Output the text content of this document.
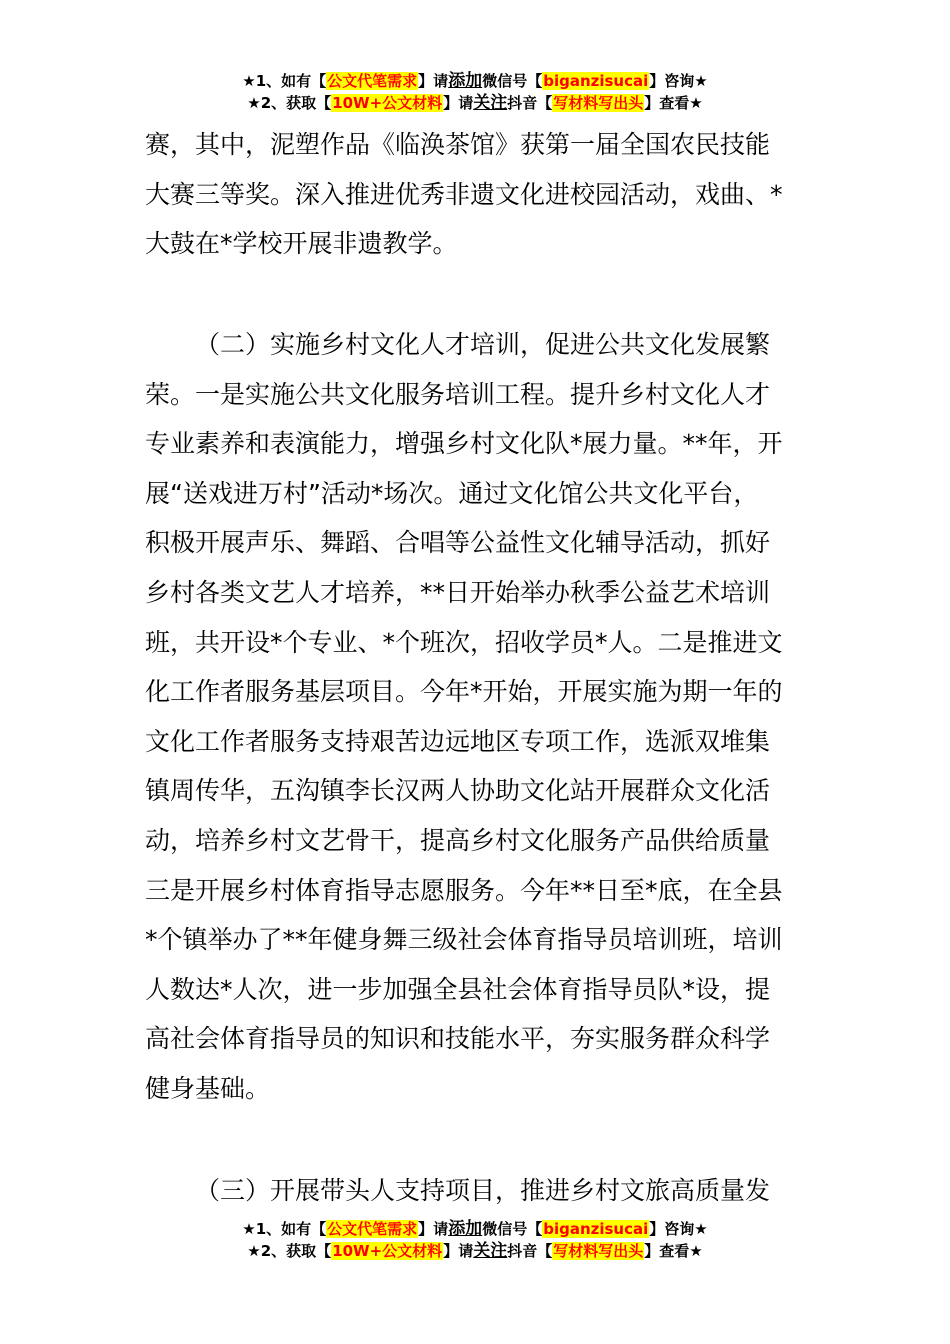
★1、如有【公文代笔需求】请添加微信号【biganzisucai】咨询★
★2、获取【10W+公文材料】请关注抖音【写材料写出头】查看★
赛，其中，泥塑作品《临涣茶馆》获第一届全国农民技能
大赛三等奖。深入推进优秀非遗文化进校园活动，戏曲、*
大鼓在*学校开展非遗教学。
（二）实施乡村文化人才培训，促进公共文化发展繁
荣。一是实施公共文化服务培训工程。提升乡村文化人才
专业素养和表演能力，增强乡村文化队*展力量。**年，开
展“送戏进万村”活动*场次。通过文化馆公共文化平台，
积极开展声乐、舞蹈、合唱等公益性文化辅导活动，抓好
乡村各类文艺人才培养，**日开始举办秋季公益艺术培训
班，共开设*个专业、*个班次，招收学员*人。二是推进文
化工作者服务基层项目。今年*开始，开展实施为期一年的
文化工作者服务支持艰苦边远地区专项工作，选派双堆集
镇周传华，五沟镇李长汉两人协助文化站开展群众文化活
动，培养乡村文艺骨干，提高乡村文化服务产品供给质量
三是开展乡村体育指导志愿服务。今年**日至*底，在全县
*个镇举办了**年健身舞三级社会体育指导员培训班，培训
人数达*人次，进一步加强全县社会体育指导员队*设，提
高社会体育指导员的知识和技能水平，夯实服务群众科学
健身基础。
（三）开展带头人支持项目，推进乡村文旅高质量发
★1、如有【公文代笔需求】请添加微信号【biganzisucai】咨询★
★2、获取【10W+公文材料】请关注抖音【写材料写出头】查看★
